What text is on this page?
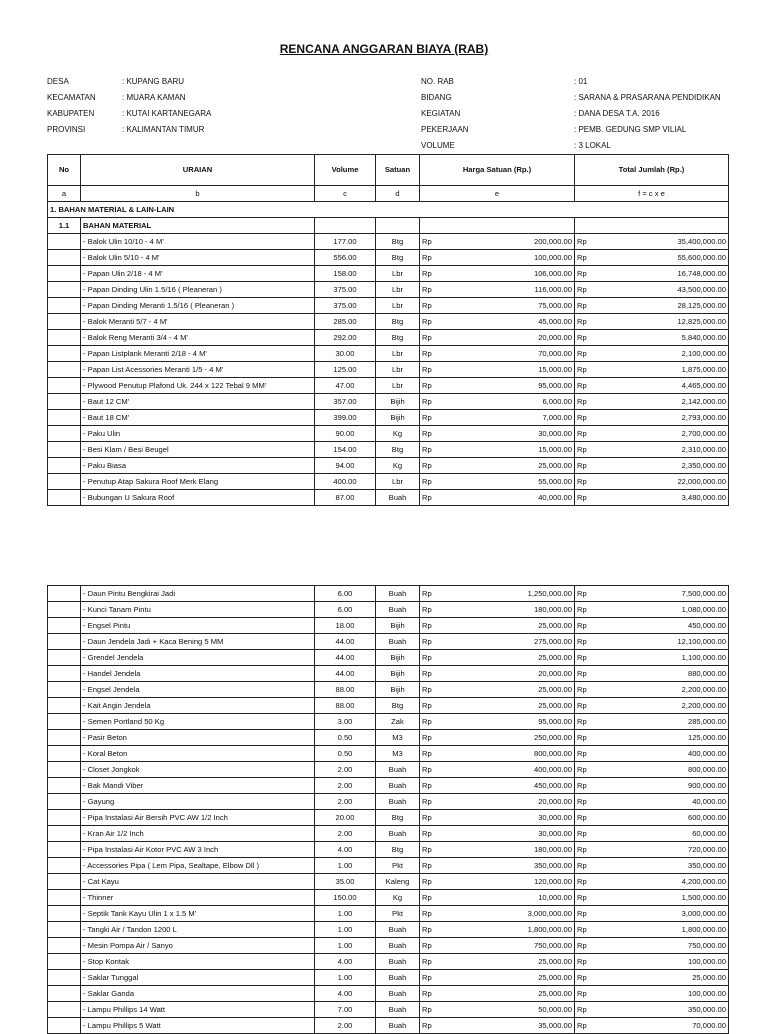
RENCANA ANGGARAN BIAYA (RAB)
DESA	: KUPANG BARU
KECAMATAN	: MUARA KAMAN
KABUPATEN	: KUTAI KARTANEGARA
PROVINSI	: KALIMANTAN TIMUR
NO. RAB	: 01
BIDANG	: SARANA & PRASARANA PENDIDIKAN
KEGIATAN	: DANA DESA T.A. 2016
PEKERJAAN	: PEMB. GEDUNG SMP VILIAL
VOLUME	: 3 LOKAL
No	URAIAN	Volume	Satuan	Harga Satuan (Rp.)	Total Jumlah (Rp.)
a	b	c	d	e	f = c x e
1. BAHAN MATERIAL & LAIN-LAIN					
1.1	BAHAN MATERIAL				
	- Balok Ulin 10/10 - 4 M'	177.00	Btg	Rp 200,000.00	Rp 35,400,000.00

	- Balok Ulin 5/10 - 4 M'	556.00	Btg	Rp 100,000.00	Rp 55,600,000.00

	- Papan Ulin 2/18 - 4 M'	158.00	Lbr	Rp 106,000.00	Rp 16,748,000.00

	- Papan Dinding Ulin 1.5/16 ( Pleaneran )	375.00	Lbr	Rp 116,000.00	Rp 43,500,000.00

	- Papan Dinding Meranti 1.5/16 ( Pleaneran )	375.00	Lbr	Rp 75,000.00	Rp 28,125,000.00

	- Balok Meranti 5/7 - 4 M'	285.00	Btg	Rp 45,000.00	Rp 12,825,000.00

	- Balok Reng Meranti 3/4 - 4 M'	292.00	Btg	Rp 20,000.00	Rp 5,840,000.00

	- Papan Listplank Meranti 2/18 - 4 M'	30.00	Lbr	Rp 70,000.00	Rp 2,100,000.00

	- Papan List Acessories Meranti 1/5 - 4 M'	125.00	Lbr	Rp 15,000.00	Rp 1,875,000.00

	- Plywood Penutup Plafond Uk. 244 x 122 Tebal 9 MM'	47.00	Lbr	Rp 95,000.00	Rp 4,465,000.00

	- Baut 12 CM'	357.00	Bijih	Rp 6,000.00	Rp 2,142,000.00

	- Baut 18 CM'	399.00	Bijih	Rp 7,000.00	Rp 2,793,000.00

	- Paku Ulin	90.00	Kg	Rp 30,000.00	Rp 2,700,000.00

	- Besi Klam / Besi Beugel	154.00	Btg	Rp 15,000.00	Rp 2,310,000.00

	- Paku Biasa	94.00	Kg	Rp 25,000.00	Rp 2,350,000.00

	- Penutup Atap Sakura Roof Merk Elang	400.00	Lbr	Rp 55,000.00	Rp 22,000,000.00

	- Bubungan U Sakura Roof	87.00	Buah	Rp 40,000.00	Rp 3,480,000.00
	- Daun Pintu Bengkirai Jadi	6.00	Buah	Rp 1,250,000.00	Rp 7,500,000.00

	- Kunci Tanam Pintu	6.00	Buah	Rp 180,000.00	Rp 1,080,000.00

	- Engsel Pintu	18.00	Bijih	Rp 25,000.00	Rp 450,000.00

	- Daun Jendela Jadi + Kaca Bening 5 MM	44.00	Buah	Rp 275,000.00	Rp 12,100,000.00

	- Grendel Jendela	44.00	Bijih	Rp 25,000.00	Rp 1,100,000.00

	- Handel Jendela	44.00	Bijih	Rp 20,000.00	Rp 880,000.00

	- Engsel Jendela	88.00	Bijih	Rp 25,000.00	Rp 2,200,000.00

	- Kait Angin Jendela	88.00	Btg	Rp 25,000.00	Rp 2,200,000.00

	- Semen Portland 50 Kg	3.00	Zak	Rp 95,000.00	Rp 285,000.00

	- Pasir Beton	0.50	M3	Rp 250,000.00	Rp 125,000.00

	- Koral Beton	0.50	M3	Rp 800,000.00	Rp 400,000.00

	- Closet Jongkok	2.00	Buah	Rp 400,000.00	Rp 800,000.00

	- Bak Mandi Viber	2.00	Buah	Rp 450,000.00	Rp 900,000.00

	- Gayung	2.00	Buah	Rp 20,000.00	Rp 40,000.00

	- Pipa Instalasi Air Bersih PVC AW 1/2 Inch	20.00	Btg	Rp 30,000.00	Rp 600,000.00

	- Kran Air 1/2 Inch	2.00	Buah	Rp 30,000.00	Rp 60,000.00

	- Pipa Instalasi Air Kotor PVC AW 3 Inch	4.00	Btg	Rp 180,000.00	Rp 720,000.00

	- Accessories Pipa ( Lem Pipa, Sealtape, Elbow Dll )	1.00	Pkt	Rp 350,000.00	Rp 350,000.00

	- Cat Kayu	35.00	Kaleng	Rp 120,000.00	Rp 4,200,000.00

	- Thinner	150.00	Kg	Rp 10,000.00	Rp 1,500,000.00

	- Septik Tank Kayu Ulin 1 x 1.5 M'	1.00	Pkt	Rp 3,000,000.00	Rp 3,000,000.00

	- Tangki Air / Tandon 1200 L	1.00	Buah	Rp 1,800,000.00	Rp 1,800,000.00

	- Mesin Pompa Air / Sanyo	1.00	Buah	Rp 750,000.00	Rp 750,000.00

	- Stop Kontak	4.00	Buah	Rp 25,000.00	Rp 100,000.00

	- Saklar Tunggal	1.00	Buah	Rp 25,000.00	Rp 25,000.00

	- Saklar Ganda	4.00	Buah	Rp 25,000.00	Rp 100,000.00

	- Lampu Phillips 14 Watt	7.00	Buah	Rp 50,000.00	Rp 350,000.00

	- Lampu Phillips 5 Watt	2.00	Buah	Rp 35,000.00	Rp 70,000.00
